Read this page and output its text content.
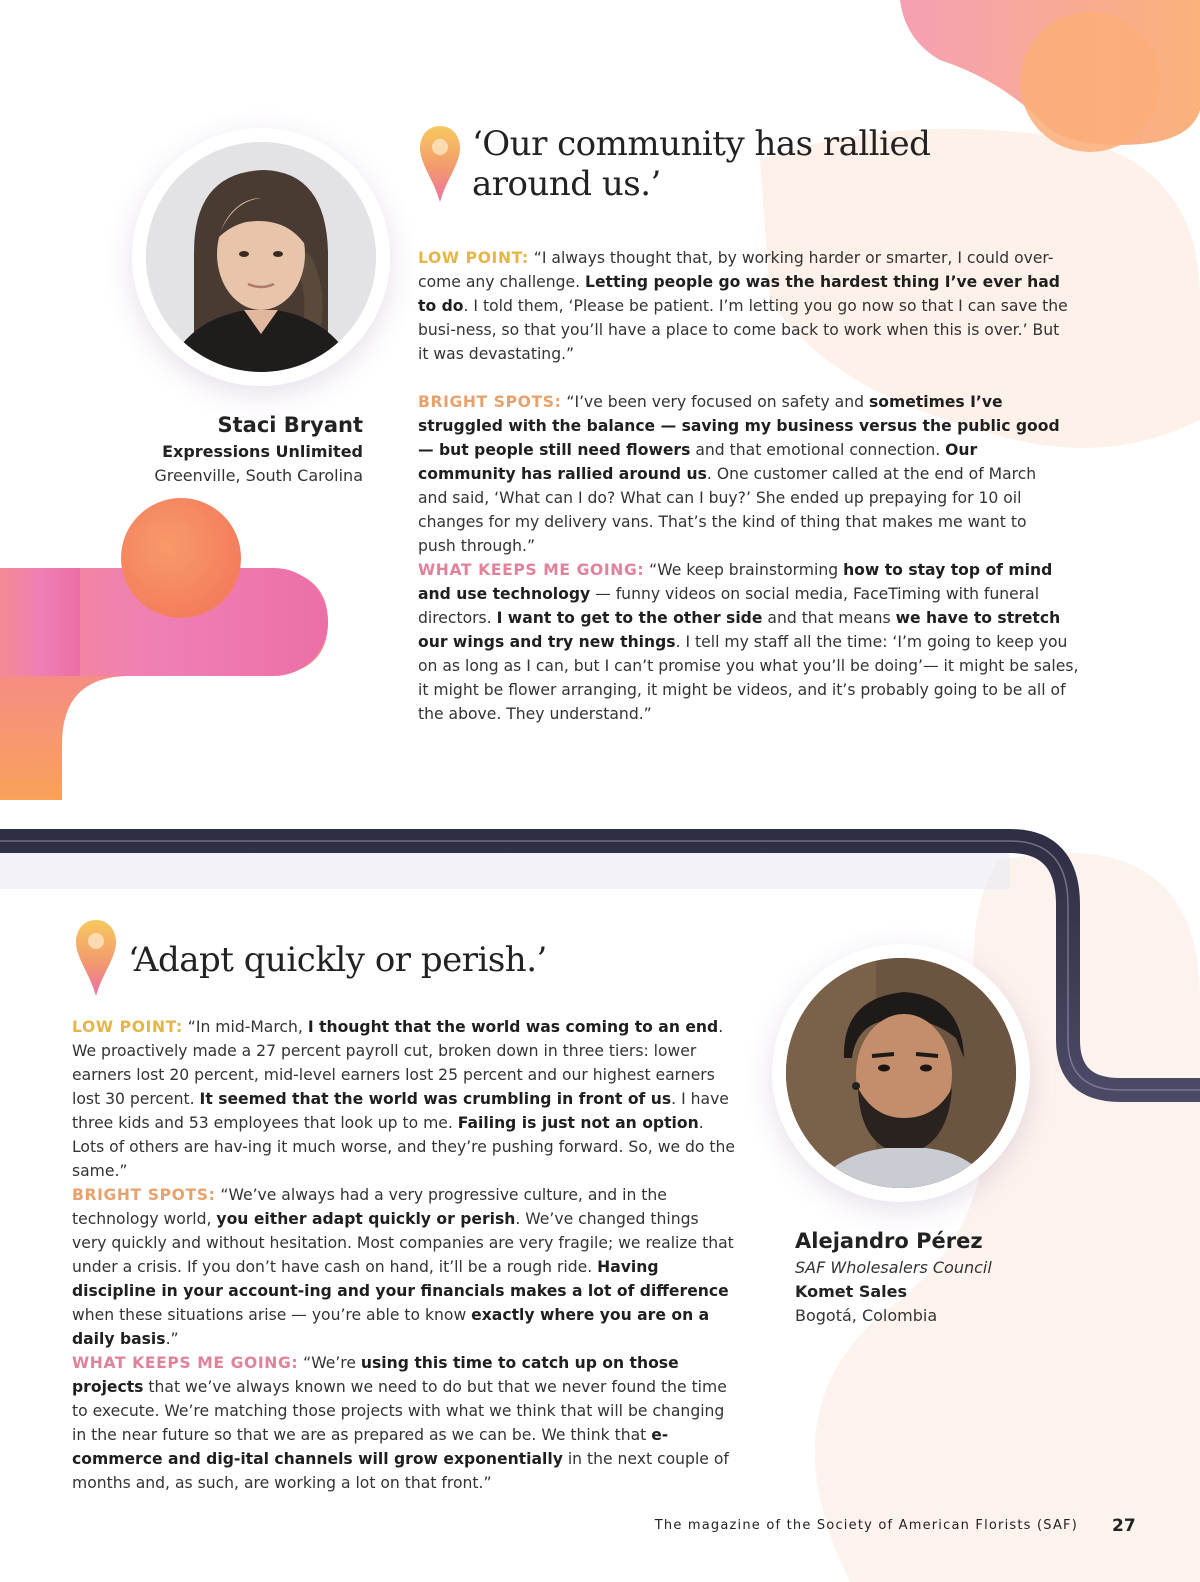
Staci Bryant
Expressions Unlimited
Greenville, South Carolina
‘Our community has rallied
around us.’

LOW POINT: “I always thought that, by working harder or smarter, I could over-come any challenge. Letting people go was the hardest thing I’ve ever had to do. I told them, ‘Please be patient. I’m letting you go now so that I can save the busi-ness, so that you’ll have a place to come back to work when this is over.’ But it was devastating.”

BRIGHT SPOTS: “I’ve been very focused on safety and sometimes I’ve struggled with the balance — saving my business versus the public good — but people still need flowers and that emotional connection. Our community has rallied around us. One customer called at the end of March and said, ‘What can I do? What can I buy?’ She ended up prepaying for 10 oil changes for my delivery vans. That’s the kind of thing that makes me want to push through.”

WHAT KEEPS ME GOING: “We keep brainstorming how to stay top of mind and use technology — funny videos on social media, FaceTiming with funeral directors. I want to get to the other side and that means we have to stretch our wings and try new things. I tell my staff all the time: ‘I’m going to keep you on as long as I can, but I can’t promise you what you’ll be doing’— it might be sales, it might be flower arranging, it might be videos, and it’s probably going to be all of the above. They understand.”

‘Adapt quickly or perish.’

LOW POINT: “In mid-March, I thought that the world was coming to an end. We proactively made a 27 percent payroll cut, broken down in three tiers: lower earners lost 20 percent, mid-level earners lost 25 percent and our highest earners lost 30 percent. It seemed that the world was crumbling in front of us. I have three kids and 53 employees that look up to me. Failing is just not an option. Lots of others are hav-ing it much worse, and they’re pushing forward. So, we do the same.”

BRIGHT SPOTS: “We’ve always had a very progressive culture, and in the technology world, you either adapt quickly or perish. We’ve changed things very quickly and without hesitation. Most companies are very fragile; we realize that under a crisis. If you don’t have cash on hand, it’ll be a rough ride. Having discipline in your account-ing and your financials makes a lot of difference when these situations arise — you’re able to know exactly where you are on a daily basis.”

WHAT KEEPS ME GOING: “We’re using this time to catch up on those projects that we’ve always known we need to do but that we never found the time to execute. We’re matching those projects with what we think that will be changing in the near future so that we are as prepared as we can be. We think that e-commerce and dig-ital channels will grow exponentially in the next couple of months and, as such, are working a lot on that front.”

Alejandro Pérez
SAF Wholesalers Council
Komet Sales
Bogotá, Colombia
The magazine of the Society of American Florists (SAF) 27
